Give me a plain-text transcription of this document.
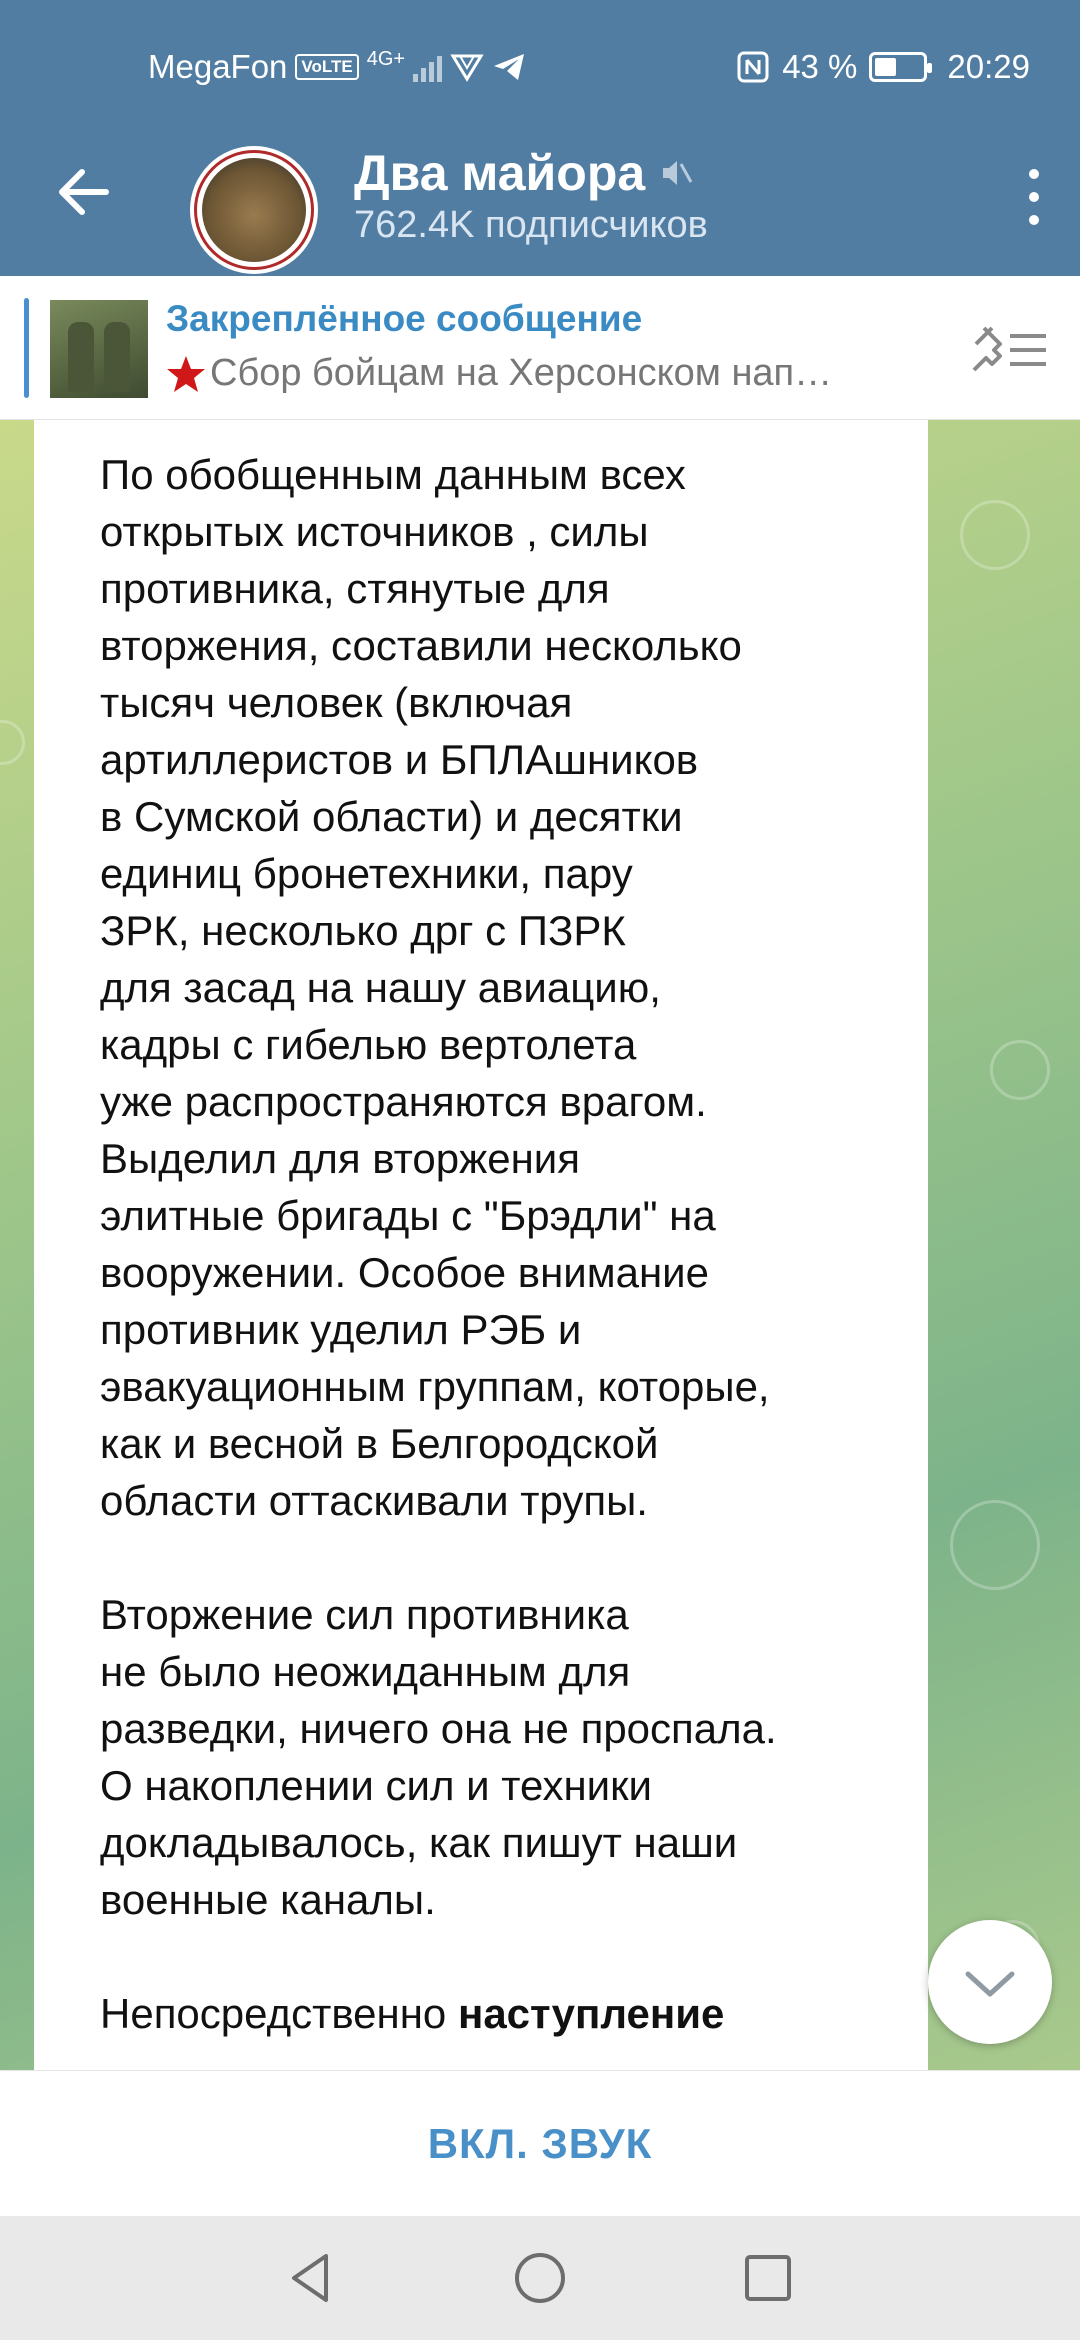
MegaFon VoLTE 4G+	43 %	20:29
Два майора
762.4K подписчиков
Закреплённое сообщение
Сбор бойцам на Херсонском нап…
По обобщенным данным всех
открытых источников , силы
противника, стянутые для
вторжения, составили несколько
тысяч человек (включая
артиллеристов и БПЛАшников
в Сумской области) и десятки
единиц бронетехники, пару
ЗРК, несколько дрг с ПЗРК
для засад на нашу авиацию,
кадры с гибелью вертолета
уже распространяются врагом.
Выделил для вторжения
элитные бригады с "Брэдли" на
вооружении. Особое внимание
противник уделил РЭБ и
эвакуационным группам, которые,
как и весной в Белгородской
области оттаскивали трупы.

Вторжение сил противника
не было неожиданным для
разведки, ничего она не проспала.
О накоплении сил и техники
докладывалось, как пишут наши
военные каналы.

Непосредственно наступление
ВКЛ. ЗВУК
